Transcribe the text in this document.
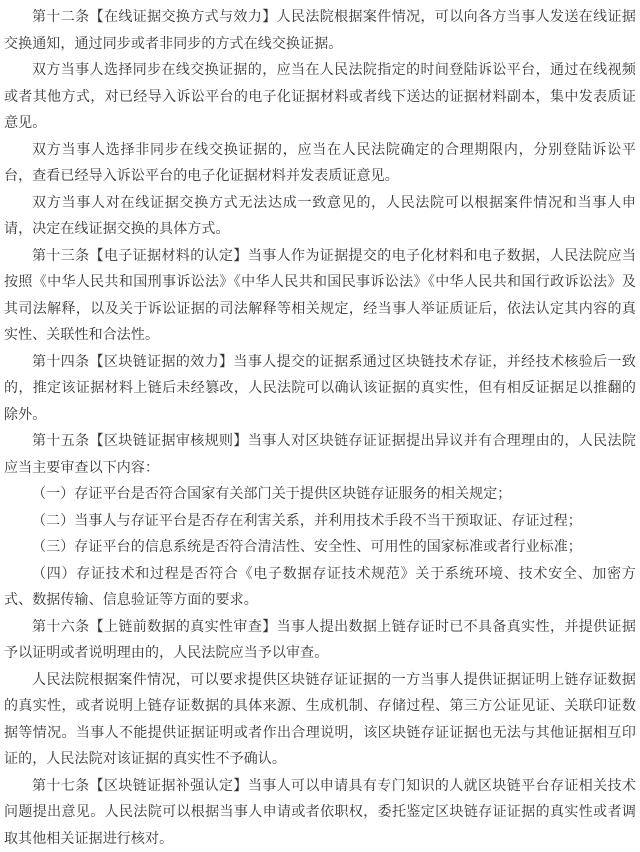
第十二条【在线证据交换方式与效力】人民法院根据案件情况，可以向各方当事人发送在线证据交换通知，通过同步或者非同步的方式在线交换证据。

双方当事人选择同步在线交换证据的，应当在人民法院指定的时间登陆诉讼平台，通过在线视频或者其他方式，对已经导入诉讼平台的电子化证据材料或者线下送达的证据材料副本，集中发表质证意见。

双方当事人选择非同步在线交换证据的，应当在人民法院确定的合理期限内，分别登陆诉讼平台，查看已经导入诉讼平台的电子化证据材料并发表质证意见。

双方当事人对在线证据交换方式无法达成一致意见的，人民法院可以根据案件情况和当事人申请，决定在线证据交换的具体方式。

第十三条【电子证据材料的认定】当事人作为证据提交的电子化材料和电子数据，人民法院应当按照《中华人民共和国刑事诉讼法》《中华人民共和国民事诉讼法》《中华人民共和国行政诉讼法》及其司法解释，以及关于诉讼证据的司法解释等相关规定，经当事人举证质证后，依法认定其内容的真实性、关联性和合法性。

第十四条【区块链证据的效力】当事人提交的证据系通过区块链技术存证，并经技术核验后一致的，推定该证据材料上链后未经篡改，人民法院可以确认该证据的真实性，但有相反证据足以推翻的除外。

第十五条【区块链证据审核规则】当事人对区块链存证证据提出异议并有合理理由的，人民法院应当主要审查以下内容：

（一）存证平台是否符合国家有关部门关于提供区块链存证服务的相关规定；

（二）当事人与存证平台是否存在利害关系，并利用技术手段不当干预取证、存证过程；

（三）存证平台的信息系统是否符合清洁性、安全性、可用性的国家标准或者行业标准；

（四）存证技术和过程是否符合《电子数据存证技术规范》关于系统环境、技术安全、加密方式、数据传输、信息验证等方面的要求。

第十六条【上链前数据的真实性审查】当事人提出数据上链存证时已不具备真实性，并提供证据予以证明或者说明理由的，人民法院应当予以审查。

人民法院根据案件情况，可以要求提供区块链存证证据的一方当事人提供证据证明上链存证数据的真实性，或者说明上链存证数据的具体来源、生成机制、存储过程、第三方公证见证、关联印证数据等情况。当事人不能提供证据证明或者作出合理说明，该区块链存证证据也无法与其他证据相互印证的，人民法院对该证据的真实性不予确认。

第十七条【区块链证据补强认定】当事人可以申请具有专门知识的人就区块链平台存证相关技术问题提出意见。人民法院可以根据当事人申请或者依职权，委托鉴定区块链存证证据的真实性或者调取其他相关证据进行核对。
